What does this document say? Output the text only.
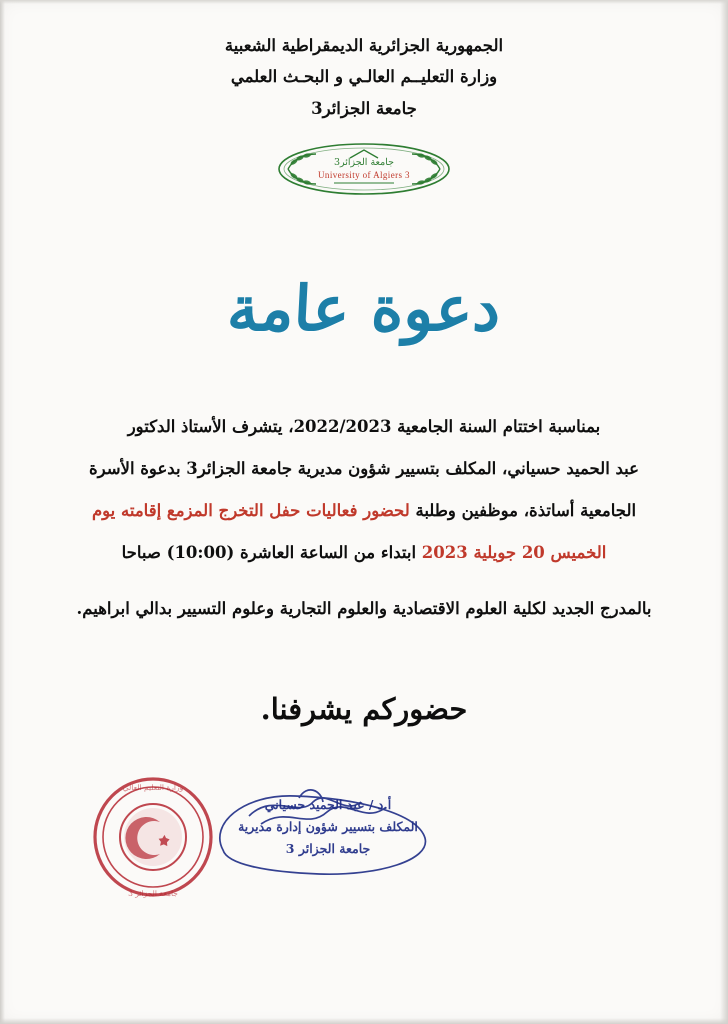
الجمهورية الجزائرية الديمقراطية الشعبية
وزارة التعليــم العالـي و البحـث العلمي
جامعة الجزائر3
جامعة الجزائر3
University of Algiers 3
دعوة عامة
بمناسبة اختتام السنة الجامعية 2022/2023، يتشرف الأستاذ الدكتور
عبد الحميد حسياني، المكلف بتسيير شؤون مديرية جامعة الجزائر3 بدعوة الأسرة
الجامعية أساتذة، موظفين وطلبة لحضور فعاليات حفل التخرج المزمع إقامته يوم
الخميس 20 جويلية 2023 ابتداء من الساعة العاشرة (10:00) صباحا
بالمدرج الجديد لكلية العلوم الاقتصادية والعلوم التجارية وعلوم التسيير بدالي ابراهيم.
حضوركم يشرفنا.
وزارة التعليم العالي
جامعة الجزائر 3
أ.د / عبد الحميد حسياني
المكلف بتسيير شؤون إدارة مديرية
جامعة الجزائر 3
